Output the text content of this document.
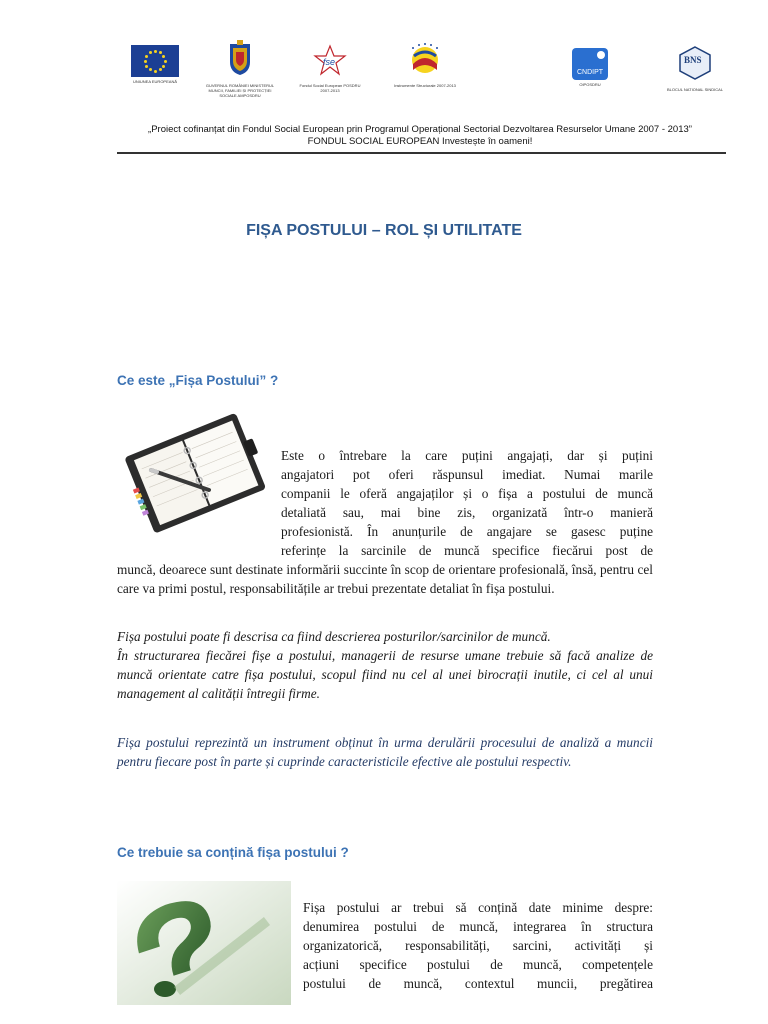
UNIUNEA EUROPEANĂ
GUVERNUL ROMÂNIEI MINISTERUL MUNCII, FAMILIEI ȘI PROTECȚIEI SOCIALE AMPOSDRU
fse
Fondul Social European POSDRU 2007-2013
Instrumente Structurale 2007-2013
CNDIPT
OIPOSDRU
BNS
BLOCUL NATIONAL SINDICAL
„Proiect cofinanțat din Fondul Social European prin Programul Operațional Sectorial Dezvoltarea Resurselor Umane 2007 - 2013”
FONDUL SOCIAL EUROPEAN Investește în oameni!
FIȘA POSTULUI – ROL ȘI UTILITATE
Ce este „Fișa Postului” ?
Este o întrebare la care puțini angajați, dar și puțini
angajatori pot oferi răspunsul imediat. Numai marile
companii le oferă angajaților și o fișa a postului de muncă
detaliată sau, mai bine zis, organizată într-o manieră
profesionistă. În anunțurile de angajare se gasesc puține
referințe la sarcinile de muncă specifice fiecărui post de

muncă, deoarece sunt destinate informării succinte în scop de orientare profesională, însă, pentru cel care va primi postul, responsabilitățile ar trebui prezentate detaliat în fișa postului.

Fișa postului poate fi descrisa ca fiind descrierea posturilor/sarcinilor de muncă.

În structurarea fiecărei fișe a postului, managerii de resurse umane trebuie să facă analize de muncă orientate catre fișa postului, scopul fiind nu cel al unei birocrații inutile, ci cel al unui management al calității întregii firme.

Fișa postului reprezintă un instrument obținut în urma derulării procesului de analiză a muncii pentru fiecare post în parte și cuprinde caracteristicile efective ale postului respectiv.

Ce trebuie sa conțină fișa postului ?
Fișa postului ar trebui să conțină date minime despre:
denumirea postului de muncă, integrarea în structura
organizatorică, responsabilități, sarcini, activități și
acțiuni specifice postului de muncă, competențele
postului de muncă, contextul muncii, pregătirea
